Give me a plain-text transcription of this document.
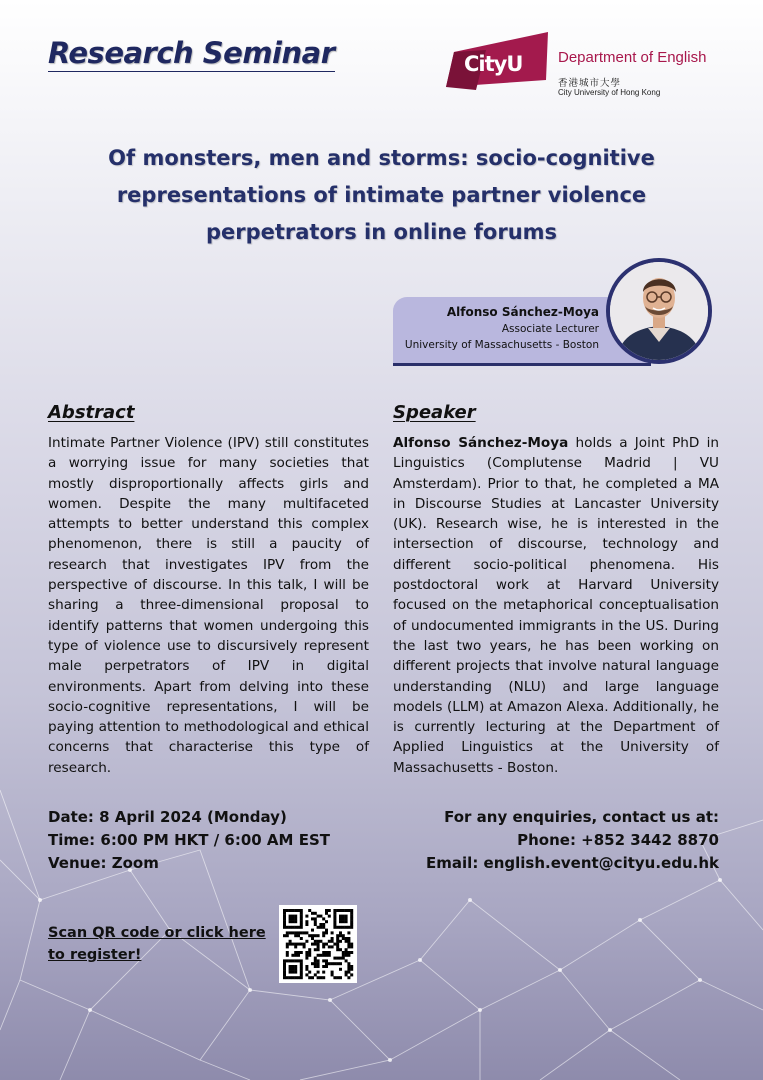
Research Seminar	CityU Department of English
香港城市大學
City University of Hong Kong
Of monsters, men and storms: socio-cognitive
representations of intimate partner violence
perpetrators in online forums
Alfonso Sánchez-Moya
Associate Lecturer
University of Massachusetts - Boston
Abstract
Intimate Partner Violence (IPV) still constitutes a worrying issue for many societies that mostly disproportionally affects girls and women. Despite the many multifaceted attempts to better understand this complex phenomenon, there is still a paucity of research that investigates IPV from the perspective of discourse. In this talk, I will be sharing a three-dimensional proposal to identify patterns that women undergoing this type of violence use to discursively represent male perpetrators of IPV in digital environments. Apart from delving into these socio-cognitive representations, I will be paying attention to methodological and ethical concerns that characterise this type of research.
Speaker
Alfonso Sánchez-Moya holds a Joint PhD in Linguistics (Complutense Madrid | VU Amsterdam). Prior to that, he completed a MA in Discourse Studies at Lancaster University (UK). Research wise, he is interested in the intersection of discourse, technology and different socio-political phenomena. His postdoctoral work at Harvard University focused on the metaphorical conceptualisation of undocumented immigrants in the US. During the last two years, he has been working on different projects that involve natural language understanding (NLU) and large language models (LLM) at Amazon Alexa. Additionally, he is currently lecturing at the Department of Applied Linguistics at the University of Massachusetts - Boston.
Date: 8 April 2024 (Monday)
Time: 6:00 PM HKT / 6:00 AM EST
Venue: Zoom
For any enquiries, contact us at:
Phone: +852 3442 8870
Email: english.event@cityu.edu.hk
Scan QR code or click here
to register!
